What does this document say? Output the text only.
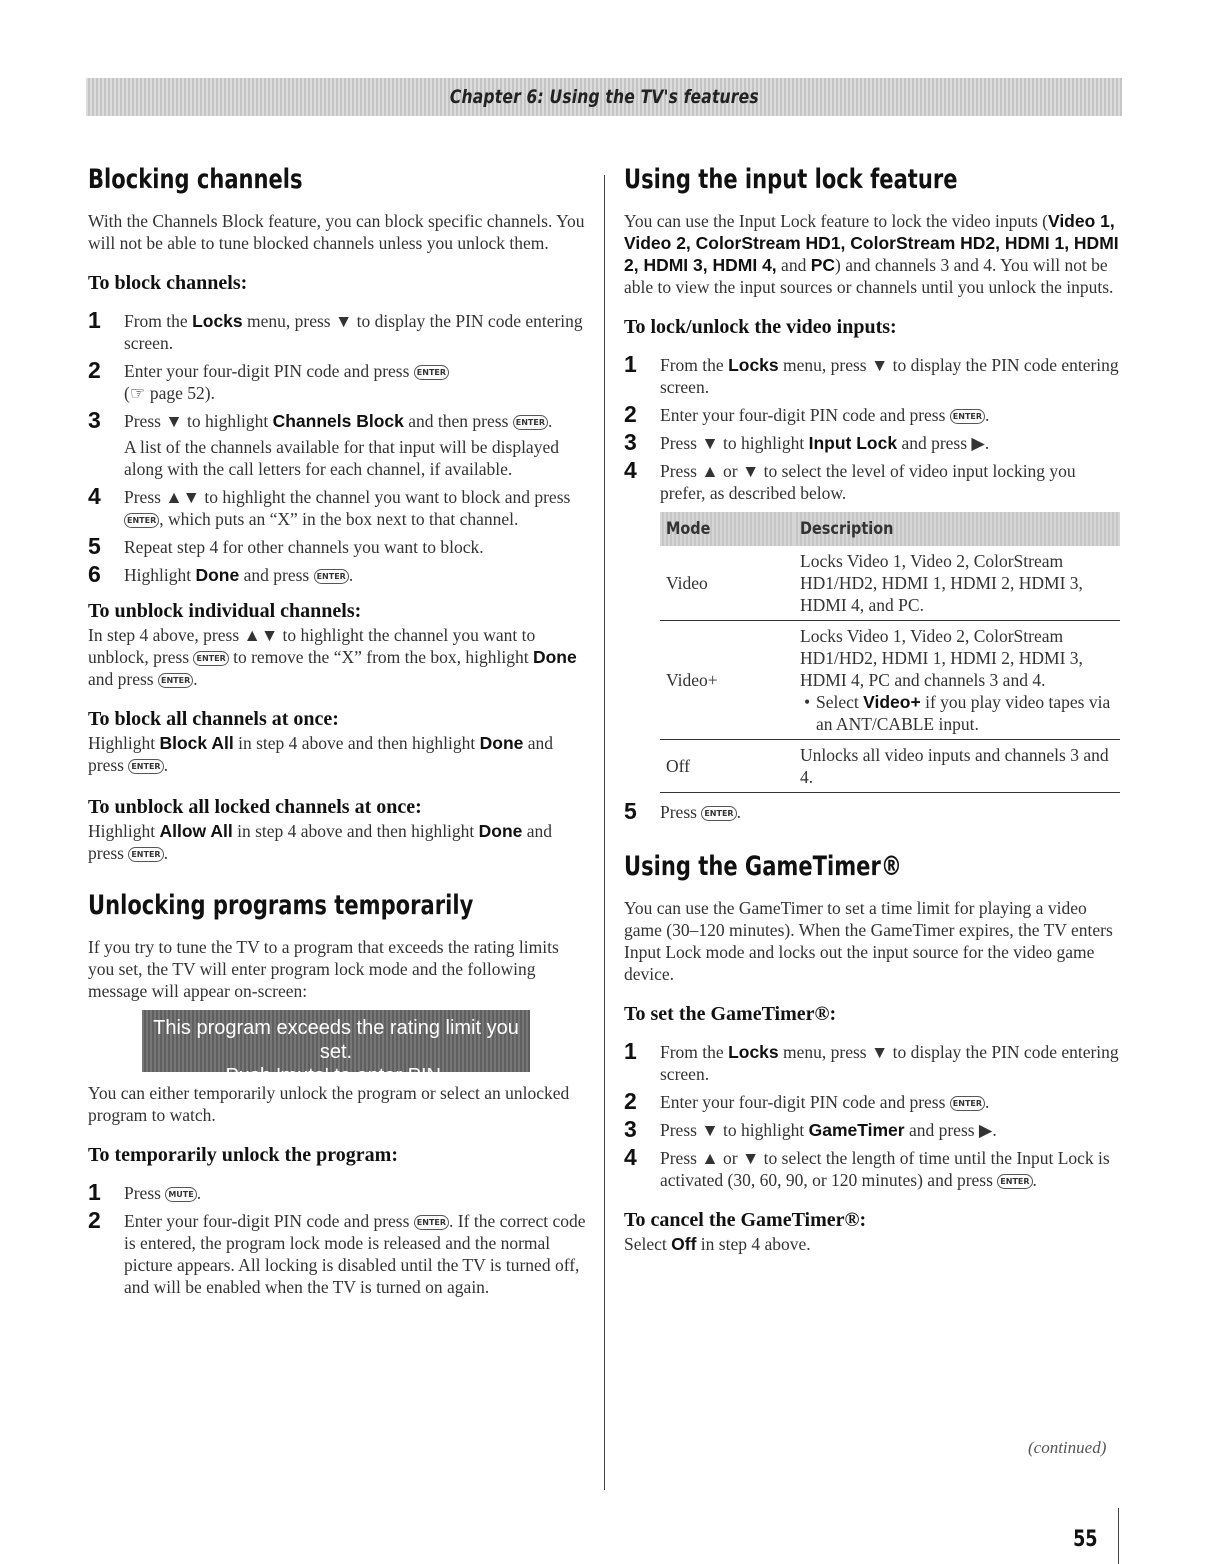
Chapter 6: Using the TV's features
Blocking channels

With the Channels Block feature, you can block specific channels. You will not be able to tune blocked channels unless you unlock them.

To block channels:
1 From the Locks menu, press ▼ to display the PIN code entering screen.

2 Enter your four-digit PIN code and press ENTER
(☞ page 52).

3 Press ▼ to highlight Channels Block and then press ENTER .

A list of the channels available for that input will be displayed along with the call letters for each channel, if available.

4 Press ▲▼ to highlight the channel you want to block and press ENTER , which puts an “X” in the box next to that channel.

5 Repeat step 4 for other channels you want to block.

6 Highlight Done and press ENTER .

To unblock individual channels:

In step 4 above, press ▲▼ to highlight the channel you want to unblock, press ENTER to remove the “X” from the box, highlight Done and press ENTER .

To block all channels at once:

Highlight Block All in step 4 above and then highlight Done and press ENTER .

To unblock all locked channels at once:

Highlight Allow All in step 4 above and then highlight Done and press ENTER .

Unlocking programs temporarily

If you try to tune the TV to a program that exceeds the rating limits you set, the TV will enter program lock mode and the following message will appear on-screen:

This program exceeds the rating limit you set.
Push 'mute' to enter PIN.

You can either temporarily unlock the program or select an unlocked program to watch.

To temporarily unlock the program:
1 Press MUTE .

2 Enter your four-digit PIN code and press ENTER . If the correct code is entered, the program lock mode is released and the normal picture appears. All locking is disabled until the TV is turned off, and will be enabled when the TV is turned on again.

Using the input lock feature

You can use the Input Lock feature to lock the video inputs (Video 1, Video 2, ColorStream HD1, ColorStream HD2, HDMI 1, HDMI 2, HDMI 3, HDMI 4, and PC) and channels 3 and 4. You will not be able to view the input sources or channels until you unlock the inputs.

To lock/unlock the video inputs:
1 From the Locks menu, press ▼ to display the PIN code entering screen.

2 Enter your four-digit PIN code and press ENTER .

3 Press ▼ to highlight Input Lock and press ▶.

4 Press ▲ or ▼ to select the level of video input locking you prefer, as described below.

Mode	Description
Video	Locks Video 1, Video 2, ColorStream HD1/HD2, HDMI 1, HDMI 2, HDMI 3, HDMI 4, and PC.
Video+	Locks Video 1, Video 2, ColorStream HD1/HD2, HDMI 1, HDMI 2, HDMI 3, HDMI 4, PC and channels 3 and 4.
• Select Video+ if you play video tapes via an ANT/CABLE input.

Off	Unlocks all video inputs and channels 3 and 4.
5 Press ENTER .

Using the GameTimer®

You can use the GameTimer to set a time limit for playing a video game (30–120 minutes). When the GameTimer expires, the TV enters Input Lock mode and locks out the input source for the video game device.

To set the GameTimer®:
1 From the Locks menu, press ▼ to display the PIN code entering screen.

2 Enter your four-digit PIN code and press ENTER .

3 Press ▼ to highlight GameTimer and press ▶.

4 Press ▲ or ▼ to select the length of time until the Input Lock is activated (30, 60, 90, or 120 minutes) and press ENTER .

To cancel the GameTimer®:

Select Off in step 4 above.

(continued)
55
